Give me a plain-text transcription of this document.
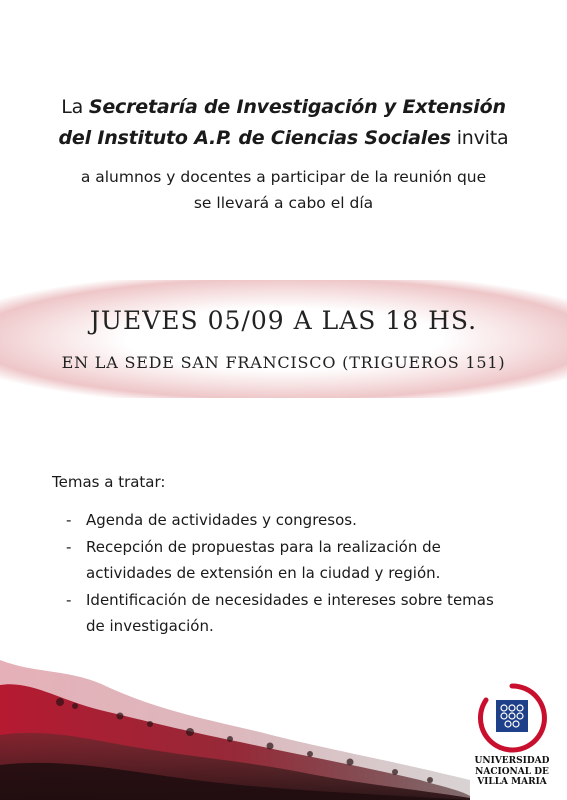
La Secretaría de Investigación y Extensión
del Instituto A.P. de Ciencias Sociales invita
a alumnos y docentes a participar de la reunión que
se llevará a cabo el día
JUEVES 05/09 A LAS 18 HS.
EN LA SEDE SAN FRANCISCO (TRIGUEROS 151)
Temas a tratar:
- Agenda de actividades y congresos.
- Recepción de propuestas para la realización de
actividades de extensión en la ciudad y región.
- Identificación de necesidades e intereses sobre temas
de investigación.
UNIVERSIDAD
NACIONAL DE
VILLA MARIA
